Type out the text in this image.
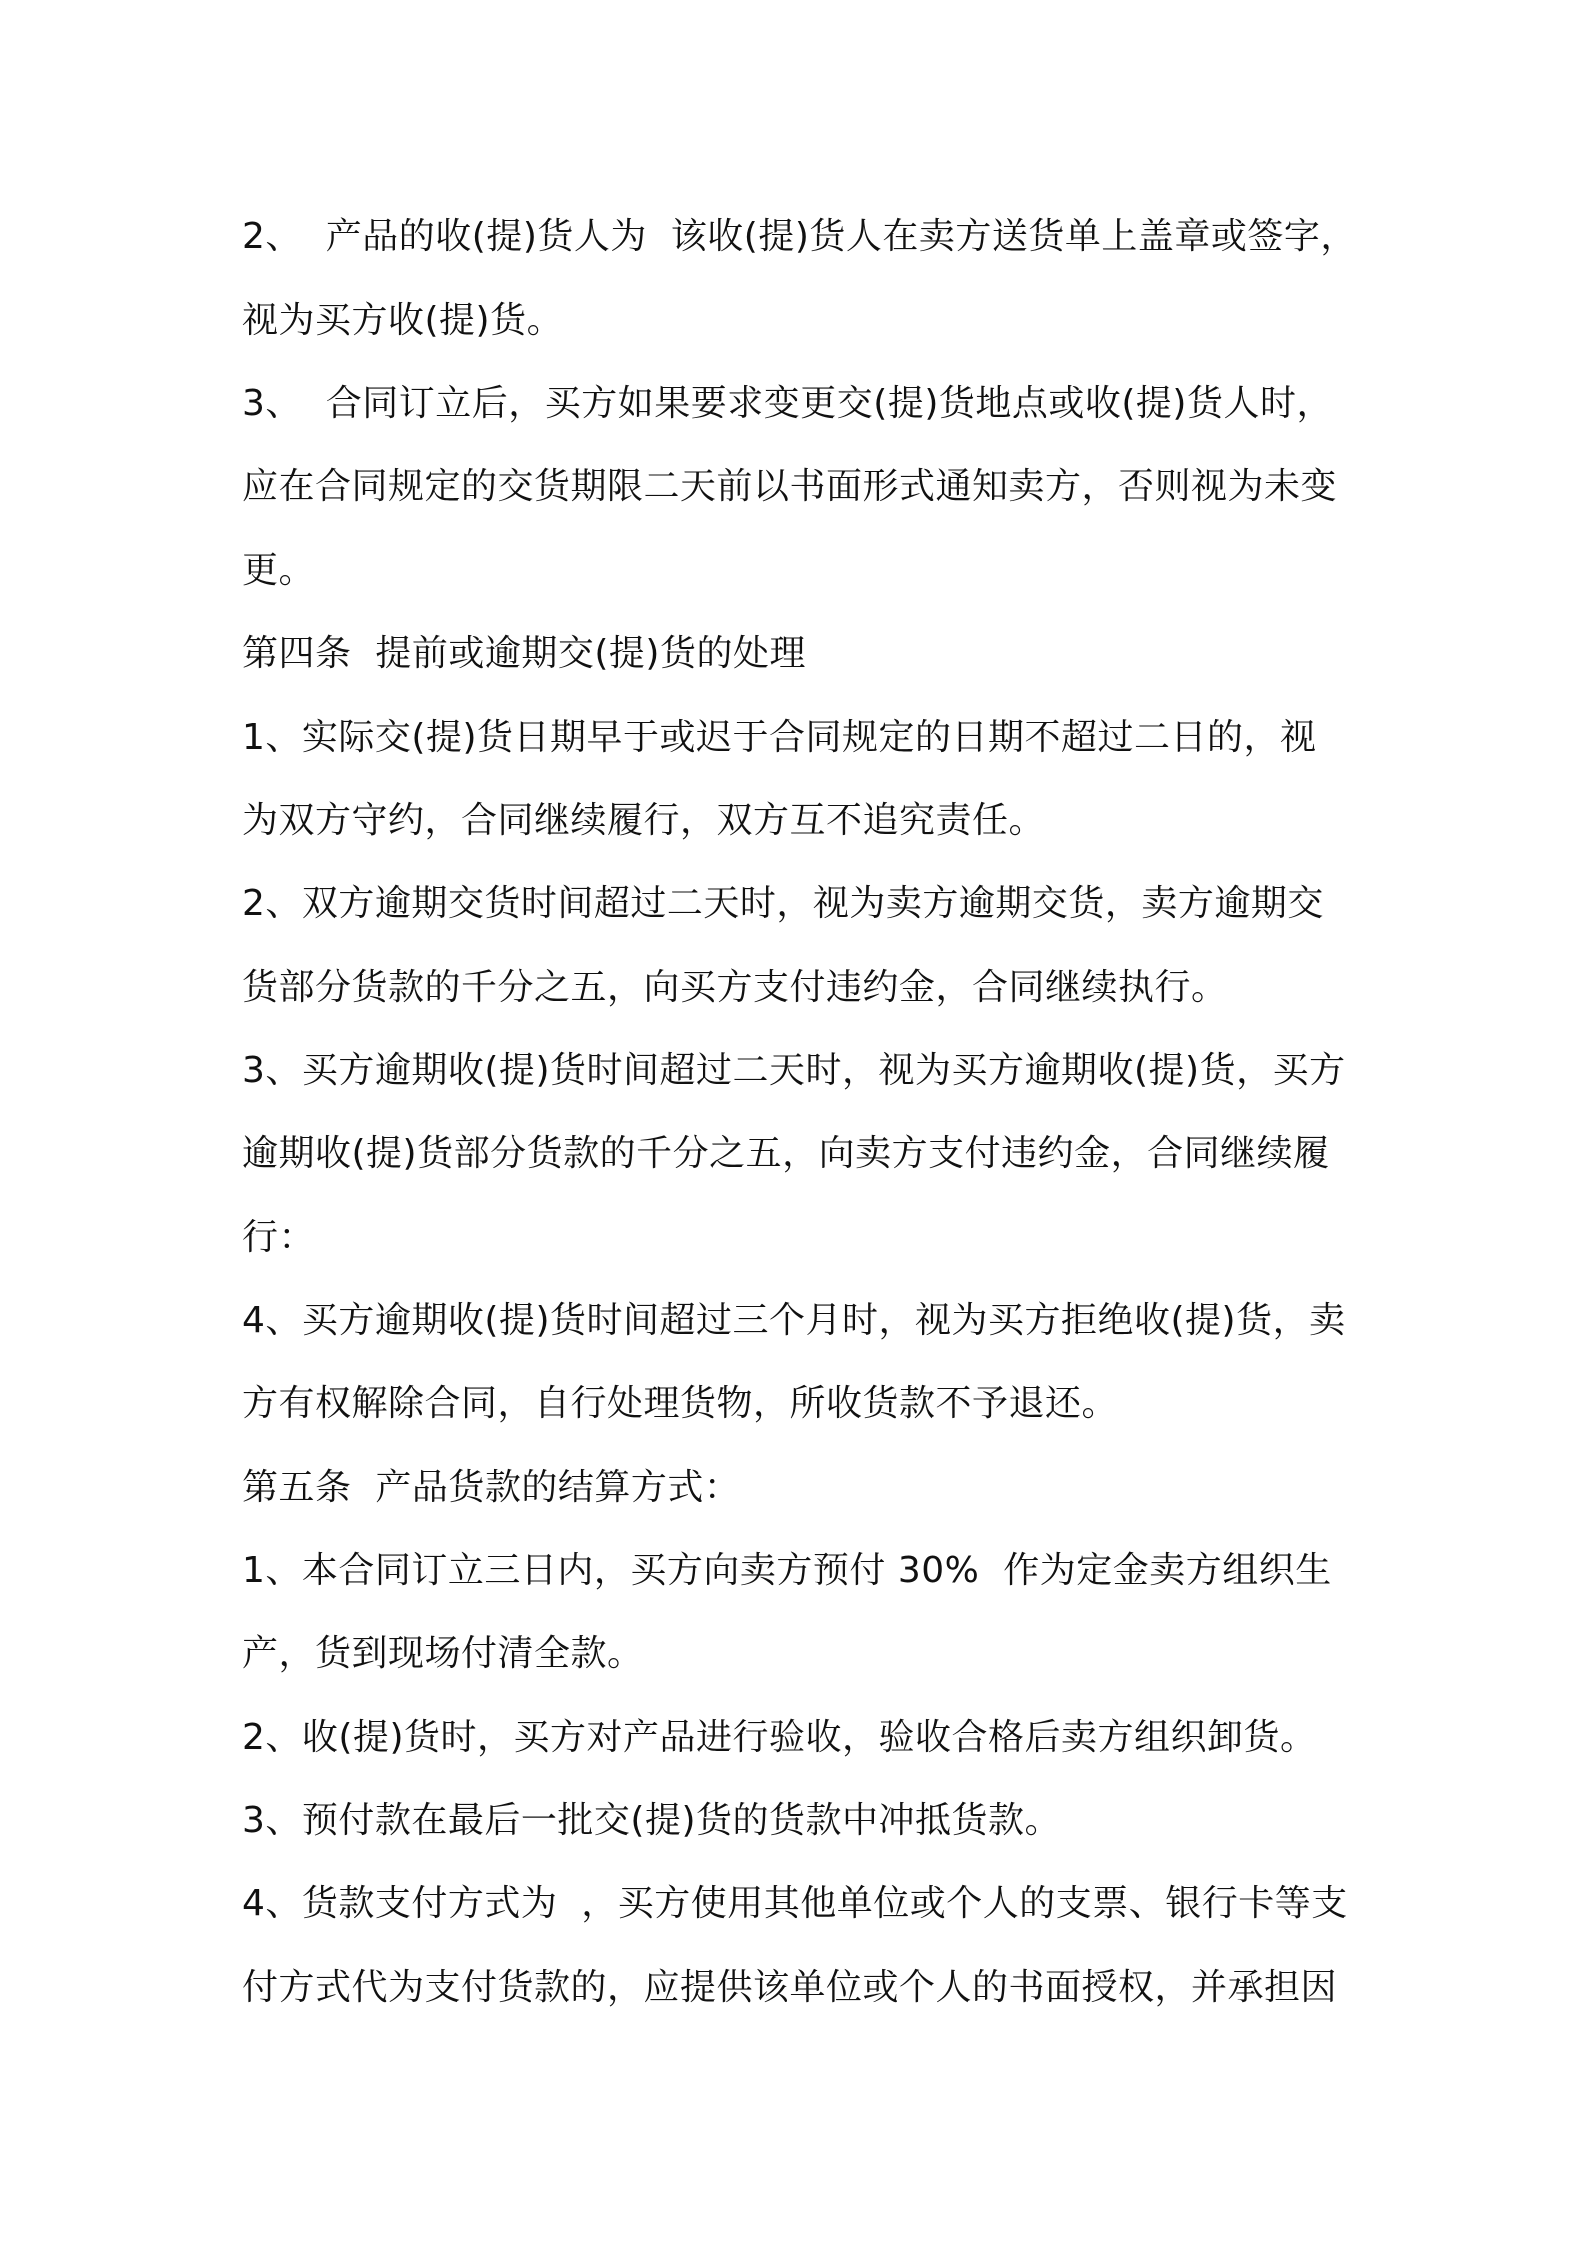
2、  产品的收(提)货人为  该收(提)货人在卖方送货单上盖章或签字，

视为买方收(提)货。

3、  合同订立后，买方如果要求变更交(提)货地点或收(提)货人时，

应在合同规定的交货期限二天前以书面形式通知卖方，否则视为未变

更。

第四条  提前或逾期交(提)货的处理

1、实际交(提)货日期早于或迟于合同规定的日期不超过二日的，视

为双方守约，合同继续履行，双方互不追究责任。

2、双方逾期交货时间超过二天时，视为卖方逾期交货，卖方逾期交

货部分货款的千分之五，向买方支付违约金，合同继续执行。

3、买方逾期收(提)货时间超过二天时，视为买方逾期收(提)货，买方

逾期收(提)货部分货款的千分之五，向卖方支付违约金，合同继续履

行：

4、买方逾期收(提)货时间超过三个月时，视为买方拒绝收(提)货，卖

方有权解除合同，自行处理货物，所收货款不予退还。

第五条  产品货款的结算方式：

1、本合同订立三日内，买方向卖方预付 30%  作为定金卖方组织生

产，货到现场付清全款。

2、收(提)货时，买方对产品进行验收，验收合格后卖方组织卸货。

3、预付款在最后一批交(提)货的货款中冲抵货款。

4、货款支付方式为  ，买方使用其他单位或个人的支票、银行卡等支

付方式代为支付货款的，应提供该单位或个人的书面授权，并承担因
